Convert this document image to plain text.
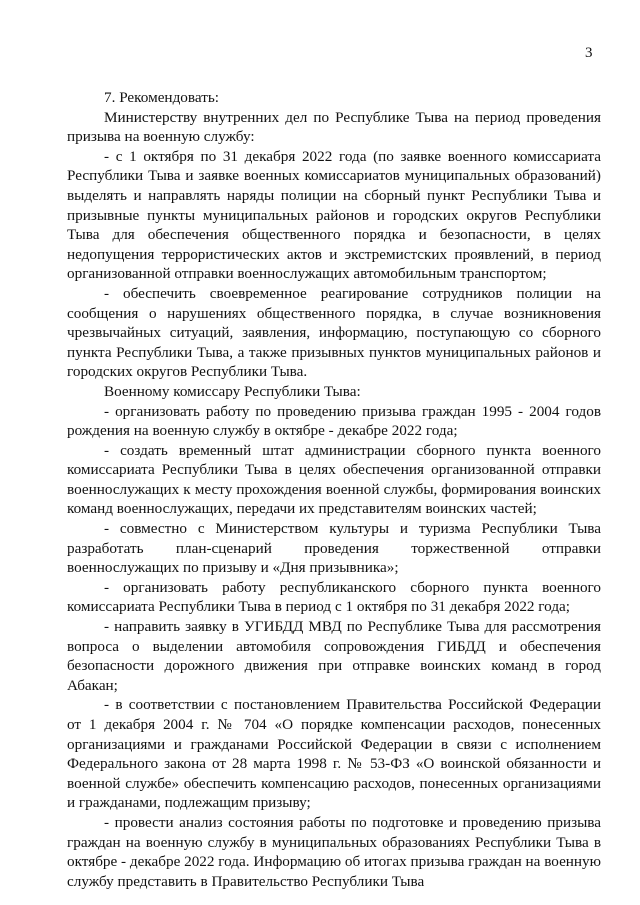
3

7. Рекомендовать:

Министерству внутренних дел по Республике Тыва на период проведения призыва на военную службу:

- с 1 октября по 31 декабря 2022 года (по заявке военного комиссариата Республики Тыва и заявке военных комиссариатов муниципальных образований) выделять и направлять наряды полиции на сборный пункт Республики Тыва и призывные пункты муниципальных районов и городских округов Республики Тыва для обеспечения общественного порядка и безопасности, в целях недопущения террористических актов и экстремистских проявлений, в период организованной отправки военнослужащих автомобильным транспортом;

- обеспечить своевременное реагирование сотрудников полиции на сообщения о нарушениях общественного порядка, в случае возникновения чрезвычайных ситуаций, заявления, информацию, поступающую со сборного пункта Республики Тыва, а также призывных пунктов муниципальных районов и городских округов Республики Тыва.

Военному комиссару Республики Тыва:

- организовать работу по проведению призыва граждан 1995 - 2004 годов рождения на военную службу в октябре - декабре 2022 года;

- создать временный штат администрации сборного пункта военного комиссариата Республики Тыва в целях обеспечения организованной отправки военнослужащих к месту прохождения военной службы, формирования воинских команд военнослужащих, передачи их представителям воинских частей;

- совместно с Министерством культуры и туризма Республики Тыва разработать план-сценарий проведения торжественной отправки военнослужащих по призыву и «Дня призывника»;

- организовать работу республиканского сборного пункта военного комиссариата Республики Тыва в период с 1 октября по 31 декабря 2022 года;

- направить заявку в УГИБДД МВД по Республике Тыва для рассмотрения вопроса о выделении автомобиля сопровождения ГИБДД и обеспечения безопасности дорожного движения при отправке воинских команд в город Абакан;

- в соответствии с постановлением Правительства Российской Федерации от 1 декабря 2004 г. № 704 «О порядке компенсации расходов, понесенных организациями и гражданами Российской Федерации в связи с исполнением Федерального закона от 28 марта 1998 г. № 53-ФЗ «О воинской обязанности и военной службе» обеспечить компенсацию расходов, понесенных организациями и гражданами, подлежащим призыву;

- провести анализ состояния работы по подготовке и проведению призыва граждан на военную службу в муниципальных образованиях Республики Тыва в октябре - декабре 2022 года. Информацию об итогах призыва граждан на военную службу представить в Правительство Республики Тыва
